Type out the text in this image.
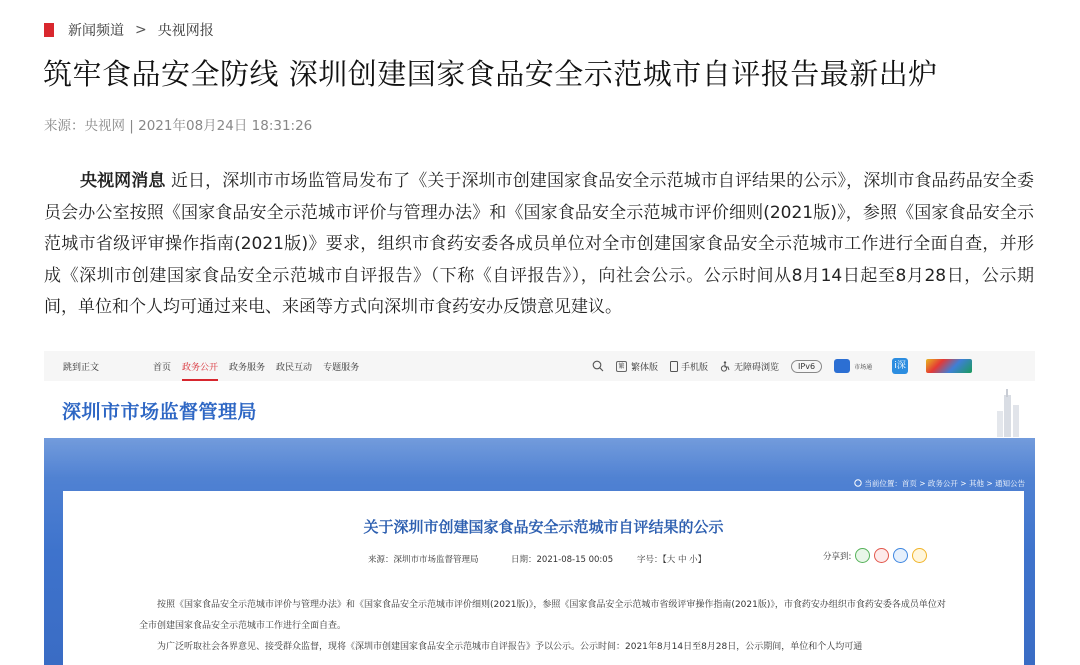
新闻频道 > 央视网报
筑牢食品安全防线 深圳创建国家食品安全示范城市自评报告最新出炉
来源：央视网 | 2021年08月24日 18:31:26

央视网消息 近日，深圳市市场监管局发布了《关于深圳市创建国家食品安全示范城市自评结果的公示》，深圳市食品药品安全委员会办公室按照《国家食品安全示范城市评价与管理办法》和《国家食品安全示范城市评价细则(2021版)》，参照《国家食品安全示范城市省级评审操作指南(2021版)》要求，组织市食药安委各成员单位对全市创建国家食品安全示范城市工作进行全面自查，并形成《深圳市创建国家食品安全示范城市自评报告》（下称《自评报告》），向社会公示。公示时间从8月14日起至8月28日，公示期间，单位和个人均可通过来电、来函等方式向深圳市食药安办反馈意见建议。

跳到正文	首页 政务公开 政务服务 政民互动 专题服务	繁 繁体版	手机版	无障碍浏览	IPv6	市场通 i深
深圳市市场监督管理局
当前位置：首页 > 政务公开 > 其他 > 通知公告
关于深圳市创建国家食品安全示范城市自评结果的公示
来源：深圳市市场监督管理局	日期：2021-08-15 00:05	字号：【大 中 小】	分享到:

按照《国家食品安全示范城市评价与管理办法》和《国家食品安全示范城市评价细则(2021版)》，参照《国家食品安全示范城市省级评审操作指南(2021版)》，市食药安办组织市食药安委各成员单位对全市创建国家食品安全示范城市工作进行全面自查。

为广泛听取社会各界意见、接受群众监督，现将《深圳市创建国家食品安全示范城市自评报告》予以公示。公示时间：2021年8月14日至8月28日，公示期间，单位和个人均可通
